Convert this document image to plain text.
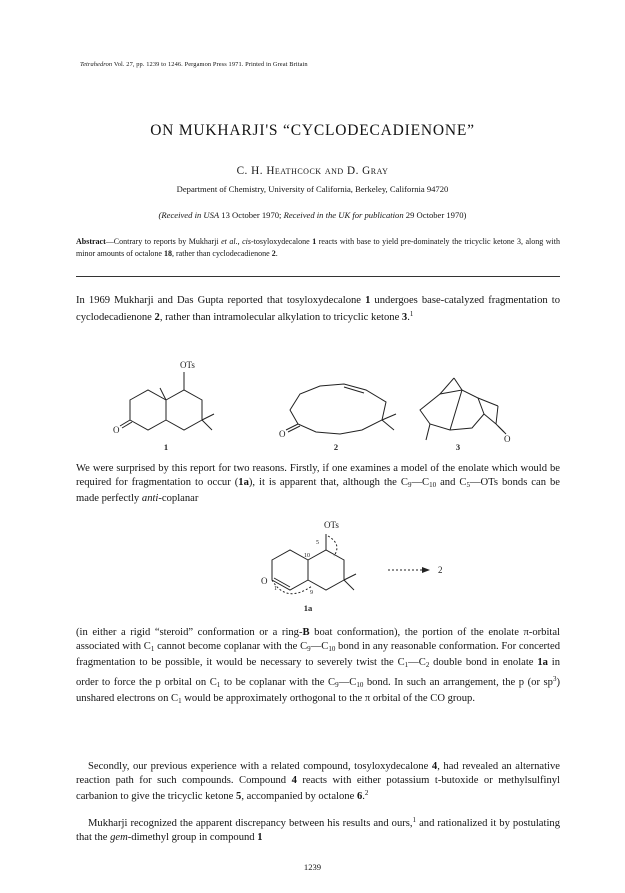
Tetrahedron Vol. 27, pp. 1239 to 1246. Pergamon Press 1971. Printed in Great Britain
ON MUKHARJI'S “CYCLODECADIENONE”
C. H. Heathcock and D. Gray
Department of Chemistry, University of California, Berkeley, California 94720
(Received in USA 13 October 1970; Received in the UK for publication 29 October 1970)
Abstract—Contrary to reports by Mukharji et al., cis-tosyloxydecalone 1 reacts with base to yield pre-dominately the tricyclic ketone 3, along with minor amounts of octalone 18, rather than cyclodecadienone 2.
In 1969 Mukharji and Das Gupta reported that tosyloxydecalone 1 undergoes base-catalyzed fragmentation to cyclodecadienone 2, rather than intramolecular alkylation to tricyclic ketone 3.$^1$
OTs
O	O	O
1	2	3
We were surprised by this report for two reasons. Firstly, if one examines a model of the enolate which would be required for fragmentation to occur (1a), it is apparent that, although the $C_9—C_{10}$ and $C_5—OTs$ bonds can be made perfectly anti-coplanar
OTs
O
2
5
10
9
1
1a
(in either a rigid “steroid” conformation or a ring-B boat conformation), the portion of the enolate π-orbital associated with $C_1$ cannot become coplanar with the $C_9—C_{10}$ bond in any reasonable conformation. For concerted fragmentation to be possible, it would be necessary to severely twist the $C_1—C_2$ double bond in enolate 1a in order to force the p orbital on $C_1$ to be coplanar with the $C_9—C_{10}$ bond. In such an arrangement, the p (or $sp^3$) unshared electrons on $C_1$ would be approximately orthogonal to the π orbital of the CO group.
Secondly, our previous experience with a related compound, tosyloxydecalone 4, had revealed an alternative reaction path for such compounds. Compound 4 reacts with either potassium t-butoxide or methylsulfinyl carbanion to give the tricyclic ketone 5, accompanied by octalone 6.$^2$
Mukharji recognized the apparent discrepancy between his results and ours,$^1$ and rationalized it by postulating that the gem-dimethyl group in compound 1
1239
